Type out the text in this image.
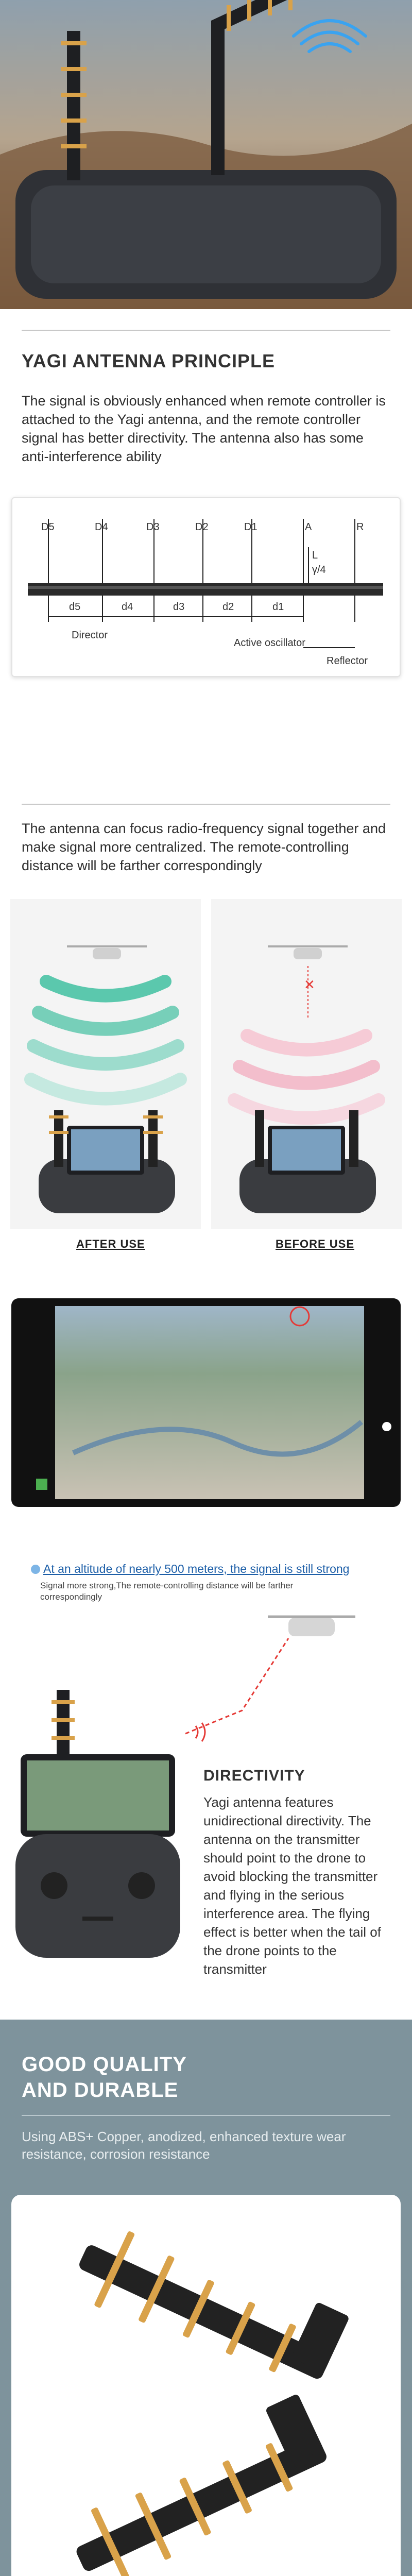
YAGI ANTENNA PRINCIPLE
The signal is obviously enhanced when remote controller is attached to the Yagi antenna, and the remote controller signal has better directivity. The antenna also has some anti-interference ability
D5	D4	D3	D2	D1	A	R
L
γ/4
d5	d4	d3	d2	d1
Director
Active oscillator
Reflector
The antenna can focus radio-frequency signal together and make signal more centralized. The remote-controlling distance will be farther correspondingly
AFTER USE
✕
BEFORE USE
At an altitude of nearly 500 meters, the signal is still strong
Signal more strong,The remote-controlling distance will be farther correspondingly
DIRECTIVITY
Yagi antenna features unidirectional directivity. The antenna on the transmitter should point to the drone to avoid blocking the transmitter and flying in the serious interference area. The flying effect is better when the tail of the drone points to the transmitter
GOOD QUALITY
AND DURABLE
Using ABS+ Copper, anodized, enhanced texture wear resistance, corrosion resistance
